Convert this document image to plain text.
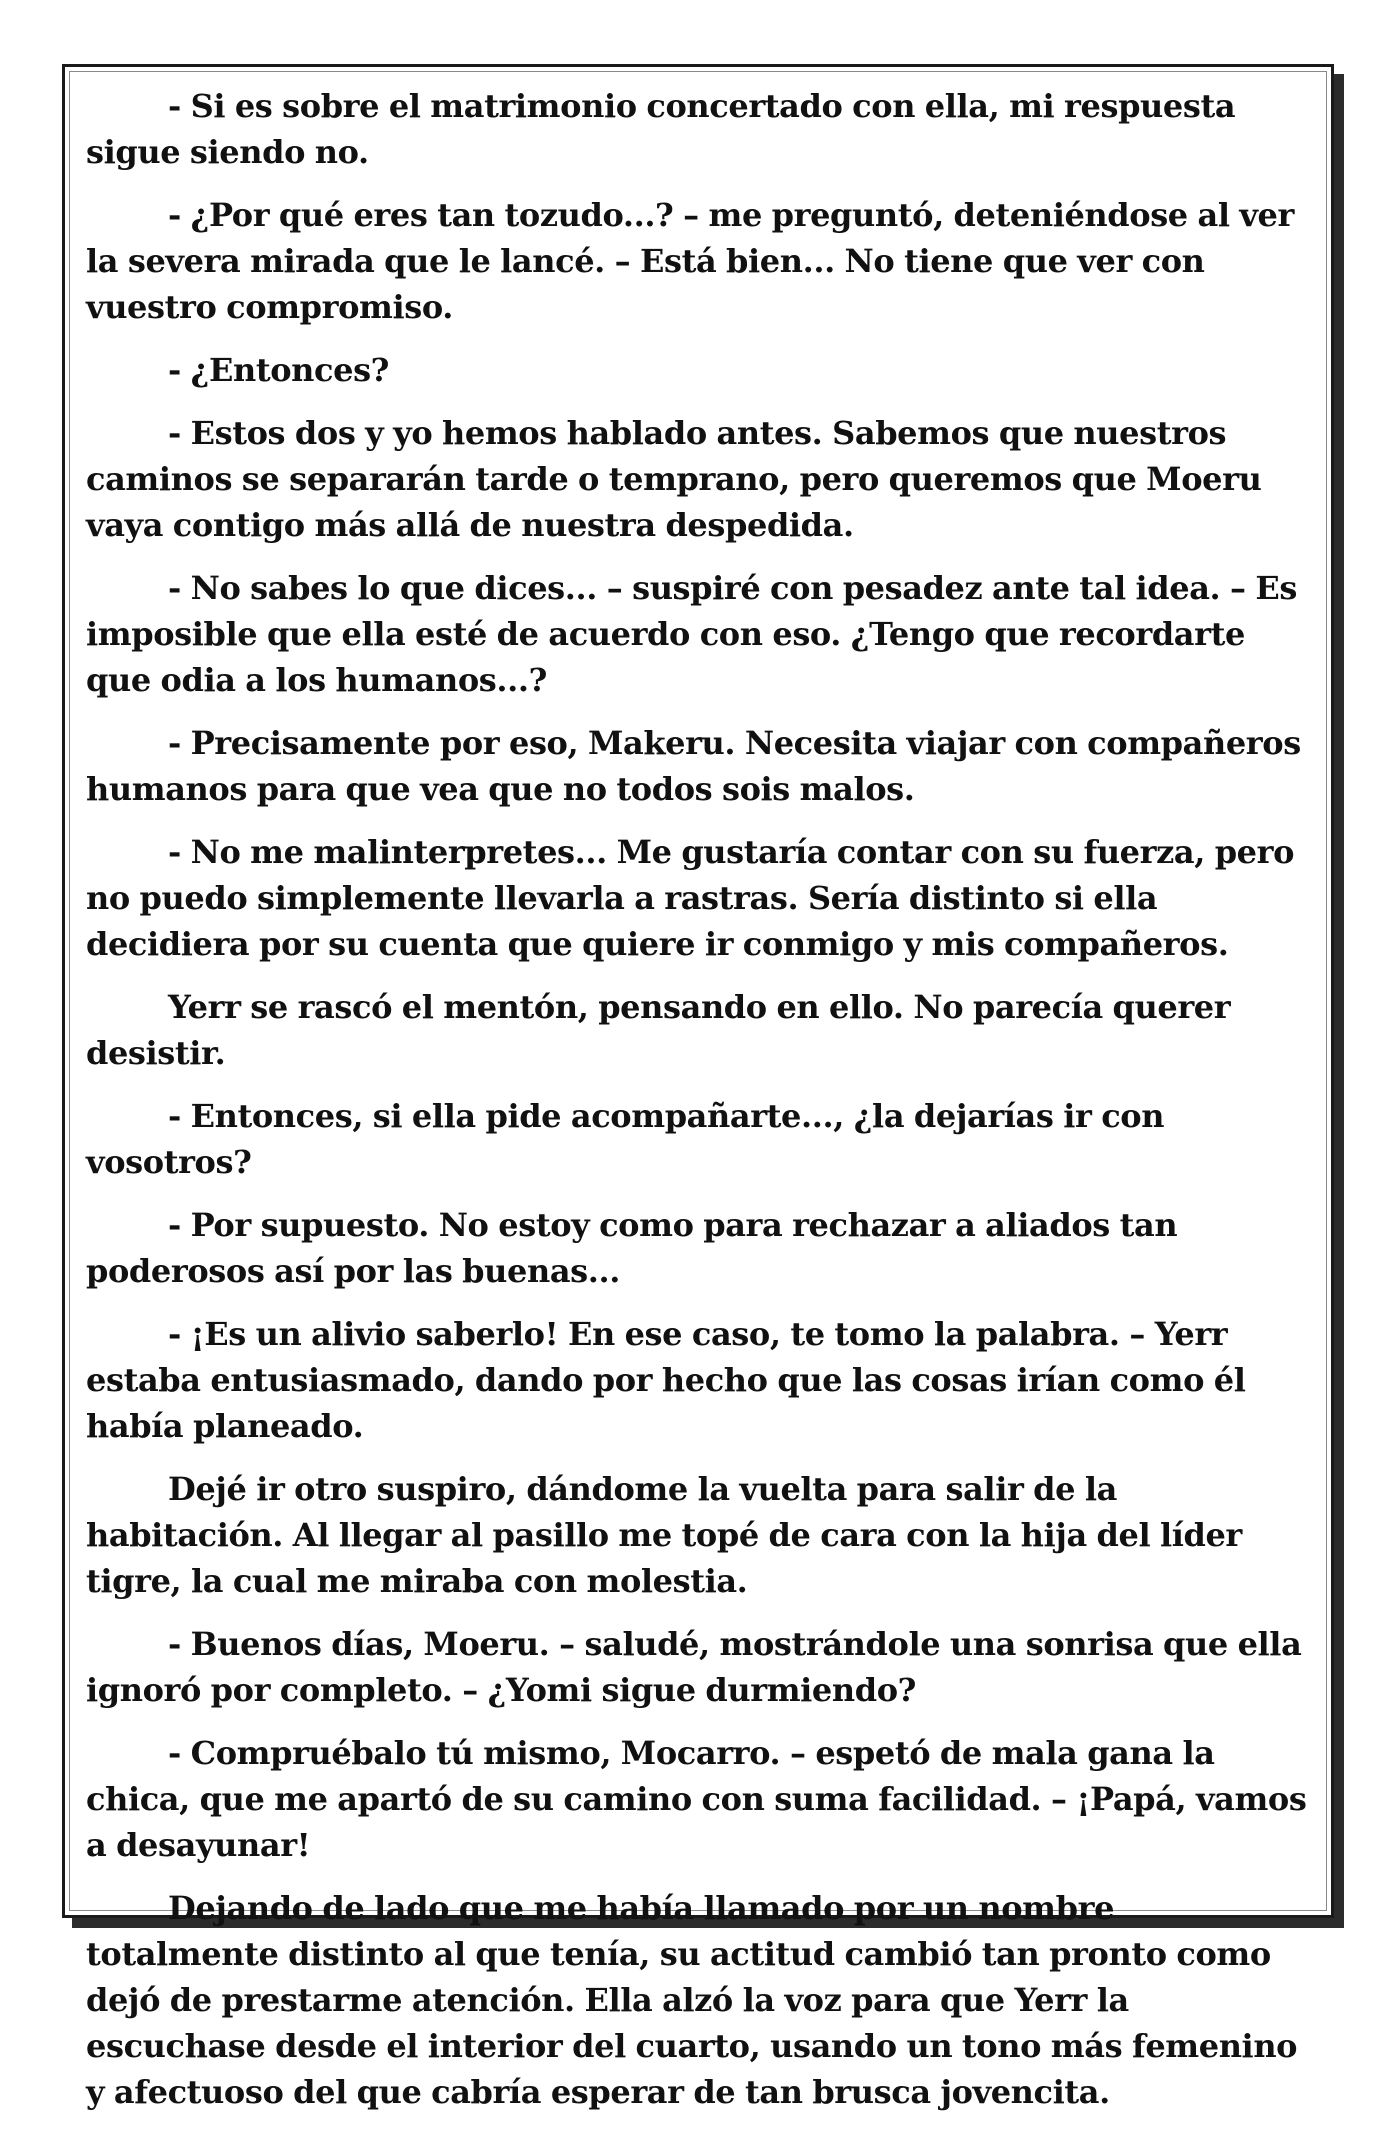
- Si es sobre el matrimonio concertado con ella, mi respuesta sigue siendo no.

- ¿Por qué eres tan tozudo...? – me preguntó, deteniéndose al ver la severa mirada que le lancé. – Está bien... No tiene que ver con vuestro compromiso.

- ¿Entonces?

- Estos dos y yo hemos hablado antes. Sabemos que nuestros caminos se separarán tarde o temprano, pero queremos que Moeru vaya contigo más allá de nuestra despedida.

- No sabes lo que dices... – suspiré con pesadez ante tal idea. – Es imposible que ella esté de acuerdo con eso. ¿Tengo que recordarte que odia a los humanos...?

- Precisamente por eso, Makeru. Necesita viajar con compañeros humanos para que vea que no todos sois malos.

- No me malinterpretes... Me gustaría contar con su fuerza, pero no puedo simplemente llevarla a rastras. Sería distinto si ella decidiera por su cuenta que quiere ir conmigo y mis compañeros.

Yerr se rascó el mentón, pensando en ello. No parecía querer desistir.

- Entonces, si ella pide acompañarte..., ¿la dejarías ir con vosotros?

- Por supuesto. No estoy como para rechazar a aliados tan poderosos así por las buenas...

- ¡Es un alivio saberlo! En ese caso, te tomo la palabra. – Yerr estaba entusiasmado, dando por hecho que las cosas irían como él había planeado.

Dejé ir otro suspiro, dándome la vuelta para salir de la habitación. Al llegar al pasillo me topé de cara con la hija del líder tigre, la cual me miraba con molestia.

- Buenos días, Moeru. – saludé, mostrándole una sonrisa que ella ignoró por completo. – ¿Yomi sigue durmiendo?

- Compruébalo tú mismo, Mocarro. – espetó de mala gana la chica, que me apartó de su camino con suma facilidad. – ¡Papá, vamos a desayunar!

Dejando de lado que me había llamado por un nombre totalmente distinto al que tenía, su actitud cambió tan pronto como dejó de prestarme atención. Ella alzó la voz para que Yerr la escuchase desde el interior del cuarto, usando un tono más femenino y afectuoso del que cabría esperar de tan brusca jovencita.
